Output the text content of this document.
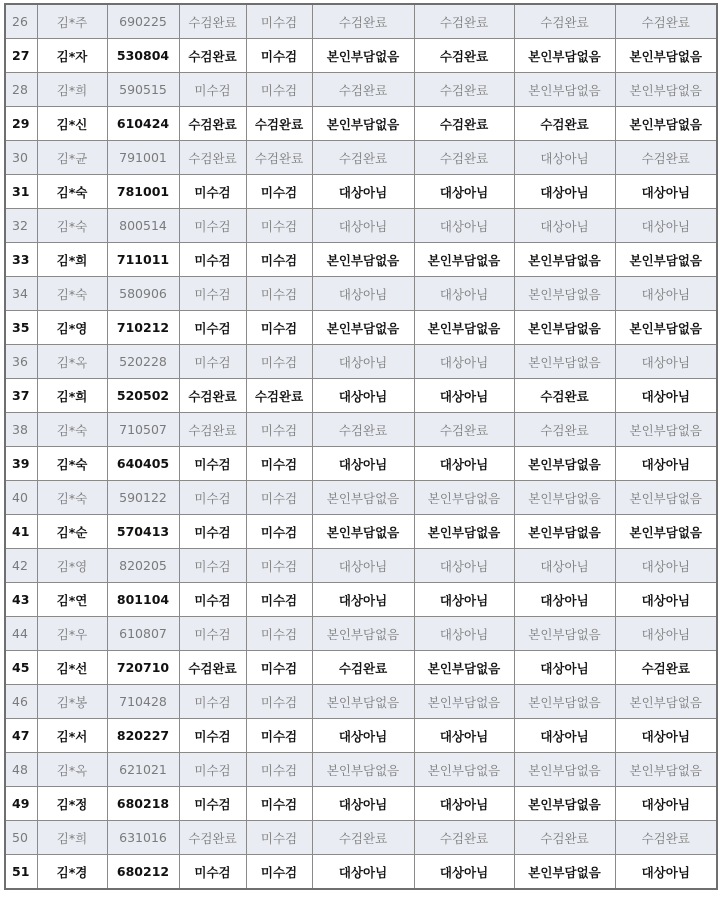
26	김*주	690225	수검완료	미수검	수검완료	수검완료	수검완료	수검완료
27	김*자	530804	수검완료	미수검	본인부담없음	수검완료	본인부담없음	본인부담없음
28	김*희	590515	미수검	미수검	수검완료	수검완료	본인부담없음	본인부담없음
29	김*신	610424	수검완료	수검완료	본인부담없음	수검완료	수검완료	본인부담없음
30	김*균	791001	수검완료	수검완료	수검완료	수검완료	대상아님	수검완료
31	김*숙	781001	미수검	미수검	대상아님	대상아님	대상아님	대상아님
32	김*숙	800514	미수검	미수검	대상아님	대상아님	대상아님	대상아님
33	김*희	711011	미수검	미수검	본인부담없음	본인부담없음	본인부담없음	본인부담없음
34	김*숙	580906	미수검	미수검	대상아님	대상아님	본인부담없음	대상아님
35	김*영	710212	미수검	미수검	본인부담없음	본인부담없음	본인부담없음	본인부담없음
36	김*옥	520228	미수검	미수검	대상아님	대상아님	본인부담없음	대상아님
37	김*희	520502	수검완료	수검완료	대상아님	대상아님	수검완료	대상아님
38	김*숙	710507	수검완료	미수검	수검완료	수검완료	수검완료	본인부담없음
39	김*숙	640405	미수검	미수검	대상아님	대상아님	본인부담없음	대상아님
40	김*숙	590122	미수검	미수검	본인부담없음	본인부담없음	본인부담없음	본인부담없음
41	김*순	570413	미수검	미수검	본인부담없음	본인부담없음	본인부담없음	본인부담없음
42	김*영	820205	미수검	미수검	대상아님	대상아님	대상아님	대상아님
43	김*연	801104	미수검	미수검	대상아님	대상아님	대상아님	대상아님
44	김*우	610807	미수검	미수검	본인부담없음	대상아님	본인부담없음	대상아님
45	김*선	720710	수검완료	미수검	수검완료	본인부담없음	대상아님	수검완료
46	김*봉	710428	미수검	미수검	본인부담없음	본인부담없음	본인부담없음	본인부담없음
47	김*서	820227	미수검	미수검	대상아님	대상아님	대상아님	대상아님
48	김*옥	621021	미수검	미수검	본인부담없음	본인부담없음	본인부담없음	본인부담없음
49	김*정	680218	미수검	미수검	대상아님	대상아님	본인부담없음	대상아님
50	김*희	631016	수검완료	미수검	수검완료	수검완료	수검완료	수검완료
51	김*경	680212	미수검	미수검	대상아님	대상아님	본인부담없음	대상아님
